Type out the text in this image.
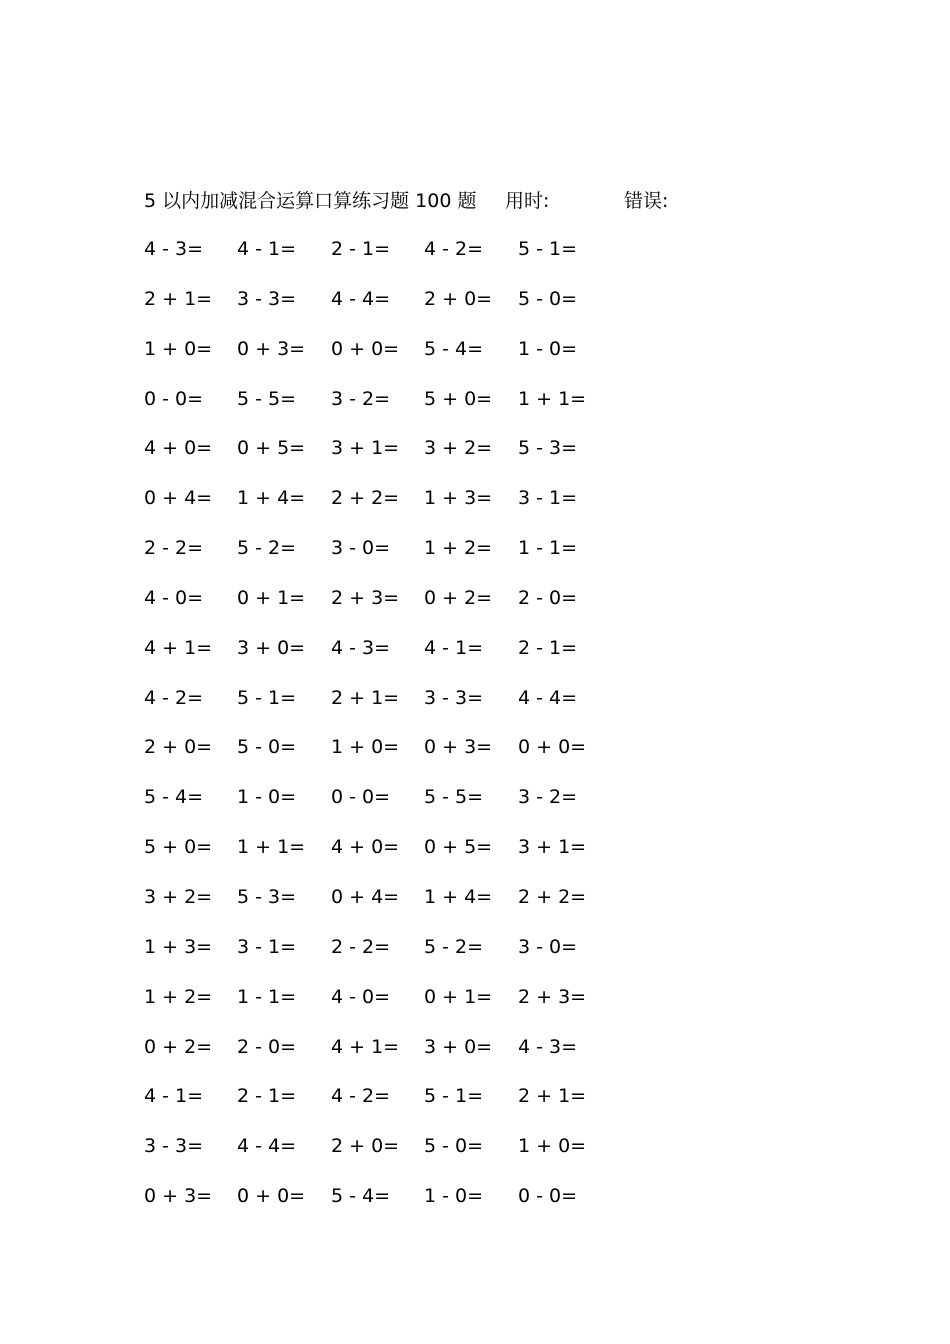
5 以内加减混合运算口算练习题 100 题 用时:	错误:
4 - 3= 4 - 1= 2 - 1= 4 - 2= 5 - 1=
2 + 1= 3 - 3= 4 - 4= 2 + 0= 5 - 0=
1 + 0= 0 + 3= 0 + 0= 5 - 4= 1 - 0=
0 - 0= 5 - 5= 3 - 2= 5 + 0= 1 + 1=
4 + 0= 0 + 5= 3 + 1= 3 + 2= 5 - 3=
0 + 4= 1 + 4= 2 + 2= 1 + 3= 3 - 1=
2 - 2= 5 - 2= 3 - 0= 1 + 2= 1 - 1=
4 - 0= 0 + 1= 2 + 3= 0 + 2= 2 - 0=
4 + 1= 3 + 0= 4 - 3= 4 - 1= 2 - 1=
4 - 2= 5 - 1= 2 + 1= 3 - 3= 4 - 4=
2 + 0= 5 - 0= 1 + 0= 0 + 3= 0 + 0=
5 - 4= 1 - 0= 0 - 0= 5 - 5= 3 - 2=
5 + 0= 1 + 1= 4 + 0= 0 + 5= 3 + 1=
3 + 2= 5 - 3= 0 + 4= 1 + 4= 2 + 2=
1 + 3= 3 - 1= 2 - 2= 5 - 2= 3 - 0=
1 + 2= 1 - 1= 4 - 0= 0 + 1= 2 + 3=
0 + 2= 2 - 0= 4 + 1= 3 + 0= 4 - 3=
4 - 1= 2 - 1= 4 - 2= 5 - 1= 2 + 1=
3 - 3= 4 - 4= 2 + 0= 5 - 0= 1 + 0=
0 + 3= 0 + 0= 5 - 4= 1 - 0= 0 - 0=
